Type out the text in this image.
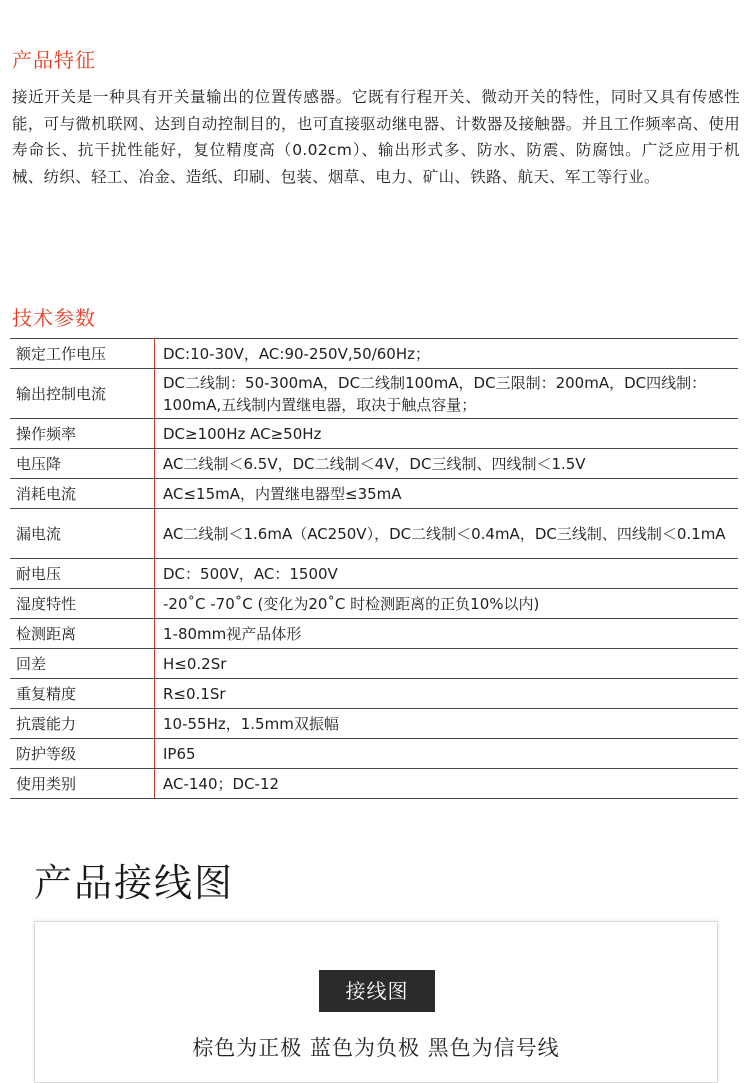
产品特征
接近开关是一种具有开关量输出的位置传感器。它既有行程开关、微动开关的特性，同时又具有传感性能，可与微机联网、达到自动控制目的，也可直接驱动继电器、计数器及接触器。并且工作频率高、使用寿命长、抗干扰性能好，复位精度高（0.02cm）、输出形式多、防水、防震、防腐蚀。广泛应用于机械、纺织、轻工、冶金、造纸、印刷、包装、烟草、电力、矿山、铁路、航天、军工等行业。
技术参数
额定工作电压	DC:10-30V，AC:90-250V,50/60Hz；
输出控制电流	DC二线制：50-300mA，DC二线制100mA，DC三限制：200mA，DC四线制：100mA,五线制内置继电器，取决于触点容量；
操作频率	DC≥100Hz AC≥50Hz
电压降	AC二线制＜6.5V，DC二线制＜4V，DC三线制、四线制＜1.5V
消耗电流	AC≤15mA，内置继电器型≤35mA
漏电流	AC二线制＜1.6mA（AC250V），DC二线制＜0.4mA，DC三线制、四线制＜0.1mA
耐电压	DC：500V，AC：1500V
湿度特性	-20˚C -70˚C (变化为20˚C 时检测距离的正负10%以内)
检测距离	1-80mm视产品体形
回差	H≤0.2Sr
重复精度	R≤0.1Sr
抗震能力	10-55Hz，1.5mm双振幅
防护等级	IP65
使用类别	AC-140；DC-12
产品接线图
接线图
棕色为正极 蓝色为负极 黑色为信号线
